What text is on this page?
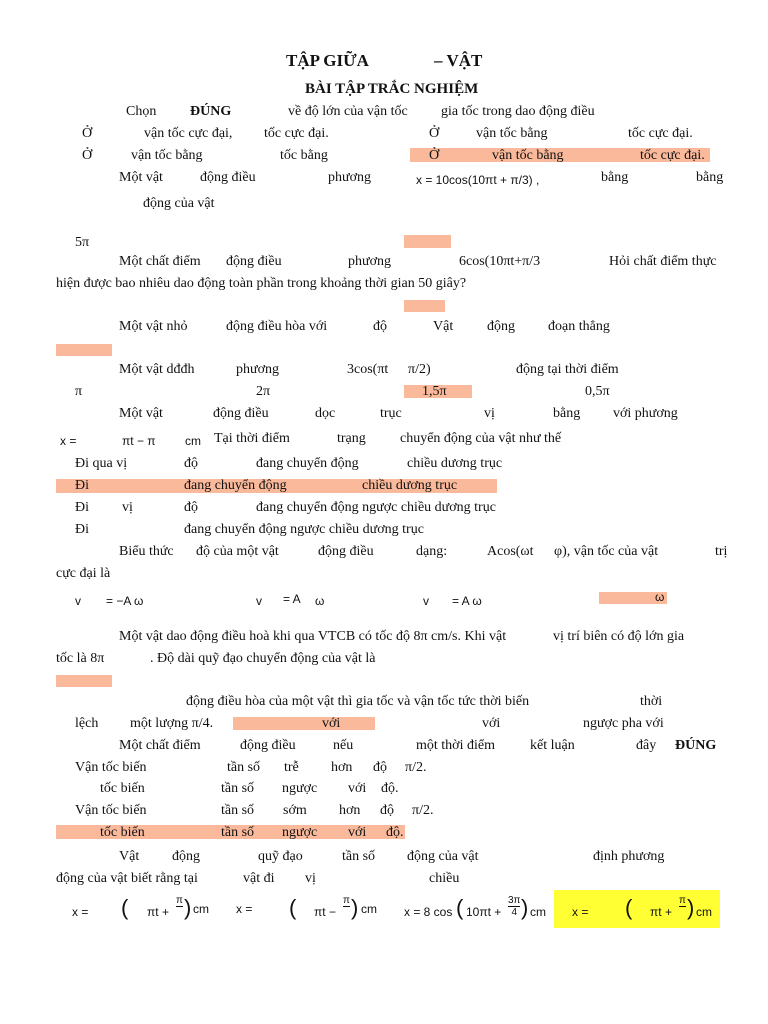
TẬP GIỮA	– VẬT
BÀI TẬP TRẮC NGHIỆM
Chọn ĐÚNG	về độ lớn của vận tốc gia tốc trong dao động điều
Ở	vận tốc cực đại, tốc cực đại.	Ở	vận tốc bằng	tốc cực đại.
Ở	vận tốc bằng	tốc bằng	Ở	vận tốc bằng	tốc cực đại.
Một vật	động điều	phương	x = 10cos(10πt + π/3) ,	bằng	bằng
động của vật
5π
Một chất điểm động điều	phương	6cos(10πt+π/3	Hỏi chất điểm thực
hiện được bao nhiêu dao động toàn phần trong khoảng thời gian 50 giây?
Một vật nhỏ	động điều hòa với	độ	Vật động đoạn thẳng
Một vật dđđh	phương	3cos(πt π/2)	động tại thời điểm
π	2π	1,5π	0,5π
Một vật	động điều	dọc	trục	vị	bằng với phương
x =	πt − π cm Tại thời điểm	trạng chuyển động của vật như thế
Đi qua vị	độ	đang chuyển động	chiều dương trục
Đi	đang chuyển động	chiều dương trục
Đi vị	độ	đang chuyển động ngược chiều dương trục
Đi	đang chuyển động ngược chiều dương trục
Biểu thức độ của một vật	động điều	dạng:	Acos(ωt φ), vận tốc của vật	trị
cực đại là
v = −A ω	v = A ω	v = A ω	ω
Một vật dao động điều hoà khi qua VTCB có tốc độ 8π cm/s. Khi vật	vị trí biên có độ lớn gia
tốc là 8π	. Độ dài quỹ đạo chuyển động của vật là
động điều hòa của một vật thì gia tốc và vận tốc tức thời biến	thời
lệch một lượng π/4.	với	với	ngược pha với
Một chất điểm	động điều	nếu	một thời điểm	kết luận	đây ĐÚNG
Vận tốc biến	tần số trễ hơn độ π/2.
tốc biến	tần số ngược với độ.
Vận tốc biến	tần số sớm hơn độ π/2.
tốc biến	tần số ngược với độ.
Vật động	quỹ đạo	tần số động của vật	định phương
động của vật biết rằng tại	vật đi vị	chiều
x = ( πt +
π ) cm x = ( πt −
π ) cm x = 8 cos ( 10πt +
3π
4 ) cm x = ( πt +
π ) cm
